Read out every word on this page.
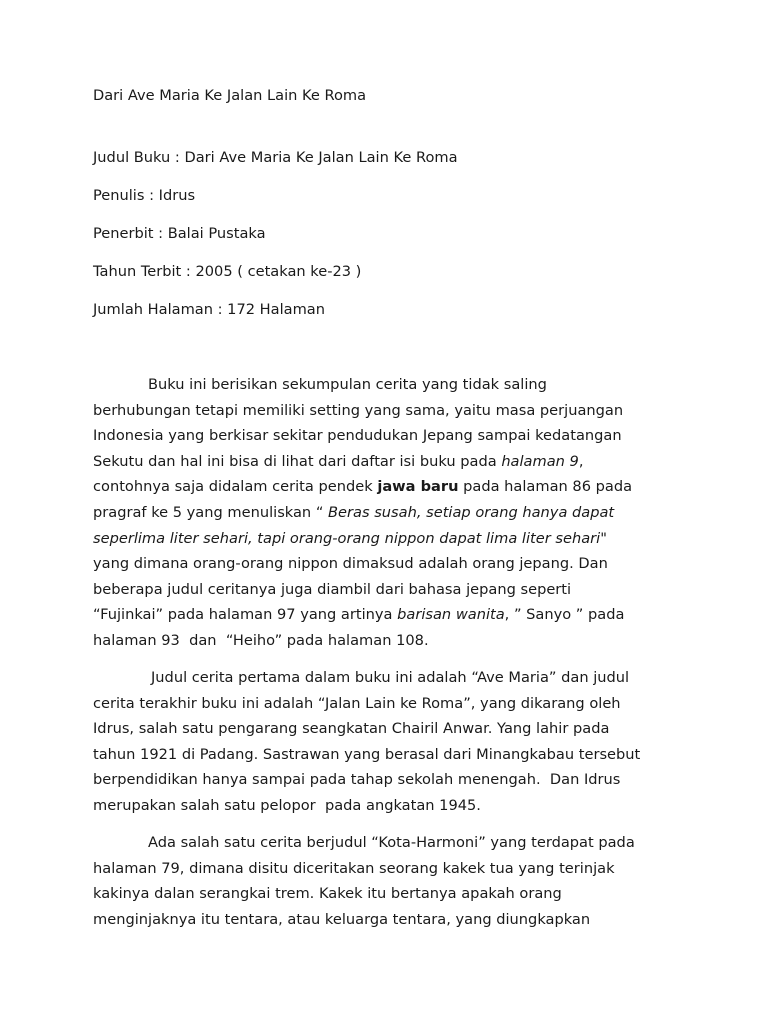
Dari Ave Maria Ke Jalan Lain Ke Roma
Judul Buku : Dari Ave Maria Ke Jalan Lain Ke Roma
Penulis : Idrus
Penerbit : Balai Pustaka
Tahun Terbit : 2005 ( cetakan ke-23 )
Jumlah Halaman : 172 Halaman
Buku ini berisikan sekumpulan cerita yang tidak saling
berhubungan tetapi memiliki setting yang sama, yaitu masa perjuangan
Indonesia yang berkisar sekitar pendudukan Jepang sampai kedatangan
Sekutu dan hal ini bisa di lihat dari daftar isi buku pada halaman 9,
contohnya saja didalam cerita pendek jawa baru pada halaman 86 pada
pragraf ke 5 yang menuliskan “ Beras susah, setiap orang hanya dapat
seperlima liter sehari, tapi orang-orang nippon dapat lima liter sehari"
yang dimana orang-orang nippon dimaksud adalah orang jepang. Dan
beberapa judul ceritanya juga diambil dari bahasa jepang seperti
“Fujinkai” pada halaman 97 yang artinya barisan wanita, ” Sanyo ” pada
halaman 93  dan  “Heiho” pada halaman 108.
Judul cerita pertama dalam buku ini adalah “Ave Maria” dan judul
cerita terakhir buku ini adalah “Jalan Lain ke Roma”, yang dikarang oleh
Idrus, salah satu pengarang seangkatan Chairil Anwar. Yang lahir pada
tahun 1921 di Padang. Sastrawan yang berasal dari Minangkabau tersebut
berpendidikan hanya sampai pada tahap sekolah menengah.  Dan Idrus
merupakan salah satu pelopor  pada angkatan 1945.
Ada salah satu cerita berjudul “Kota-Harmoni” yang terdapat pada
halaman 79, dimana disitu diceritakan seorang kakek tua yang terinjak
kakinya dalan serangkai trem. Kakek itu bertanya apakah orang
menginjaknya itu tentara, atau keluarga tentara, yang diungkapkan
